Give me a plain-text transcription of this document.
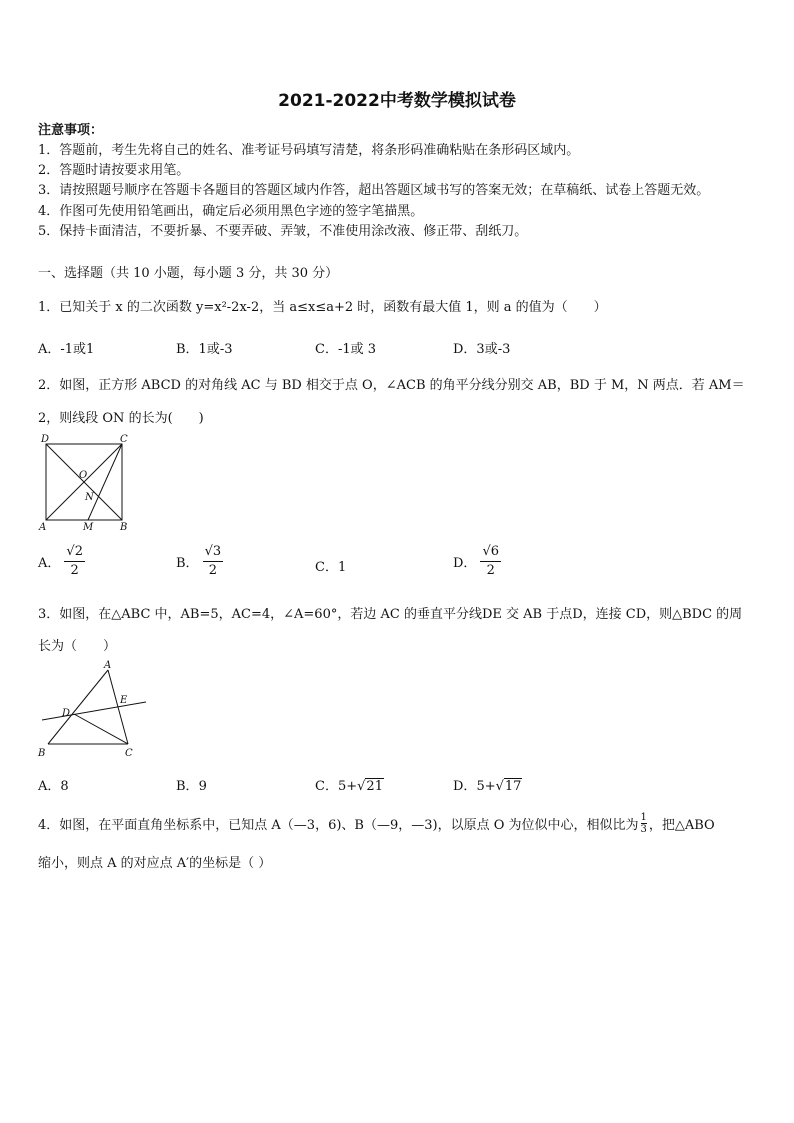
2021-2022中考数学模拟试卷
注意事项：
1．答题前，考生先将自己的姓名、准考证号码填写清楚，将条形码准确粘贴在条形码区域内。
2．答题时请按要求用笔。
3．请按照题号顺序在答题卡各题目的答题区域内作答，超出答题区域书写的答案无效；在草稿纸、试卷上答题无效。
4．作图可先使用铅笔画出，确定后必须用黑色字迹的签字笔描黑。
5．保持卡面清洁，不要折暴、不要弄破、弄皱，不准使用涂改液、修正带、刮纸刀。
一、选择题（共 10 小题，每小题 3 分，共 30 分）
1．已知关于 x 的二次函数 y=x²-2x-2，当 a≤x≤a+2 时，函数有最大值 1，则 a 的值为（　　）
A．-1或1	B．1或-3	C．-1或 3	D．3或-3
2．如图，正方形 ABCD 的对角线 AC 与 BD 相交于点 O，∠ACB 的角平分线分别交 AB，BD 于 M，N 两点．若 AM＝
2，则线段 ON 的长为(　　)
D	C
O
N
A	M	B
A． $\frac{√2}{2}$	B． $\frac{√3}{2}$	C．1	D． $\frac{√6}{2}$
3．如图，在△ABC 中，AB=5，AC=4，∠A=60°，若边 AC 的垂直平分线DE 交 AB 于点D，连接 CD，则△BDC 的周
长为（　　）
A
E
D
B	C
A．8	B．9	C．5+√21	D．5+√17
4．如图，在平面直角坐标系中，已知点 A（—3，6)、B（—9，—3)，以原点 O 为位似中心，相似比为 $\frac{1}{3}$ ，把△ABO
缩小，则点 A 的对应点 A′的坐标是（ ）
